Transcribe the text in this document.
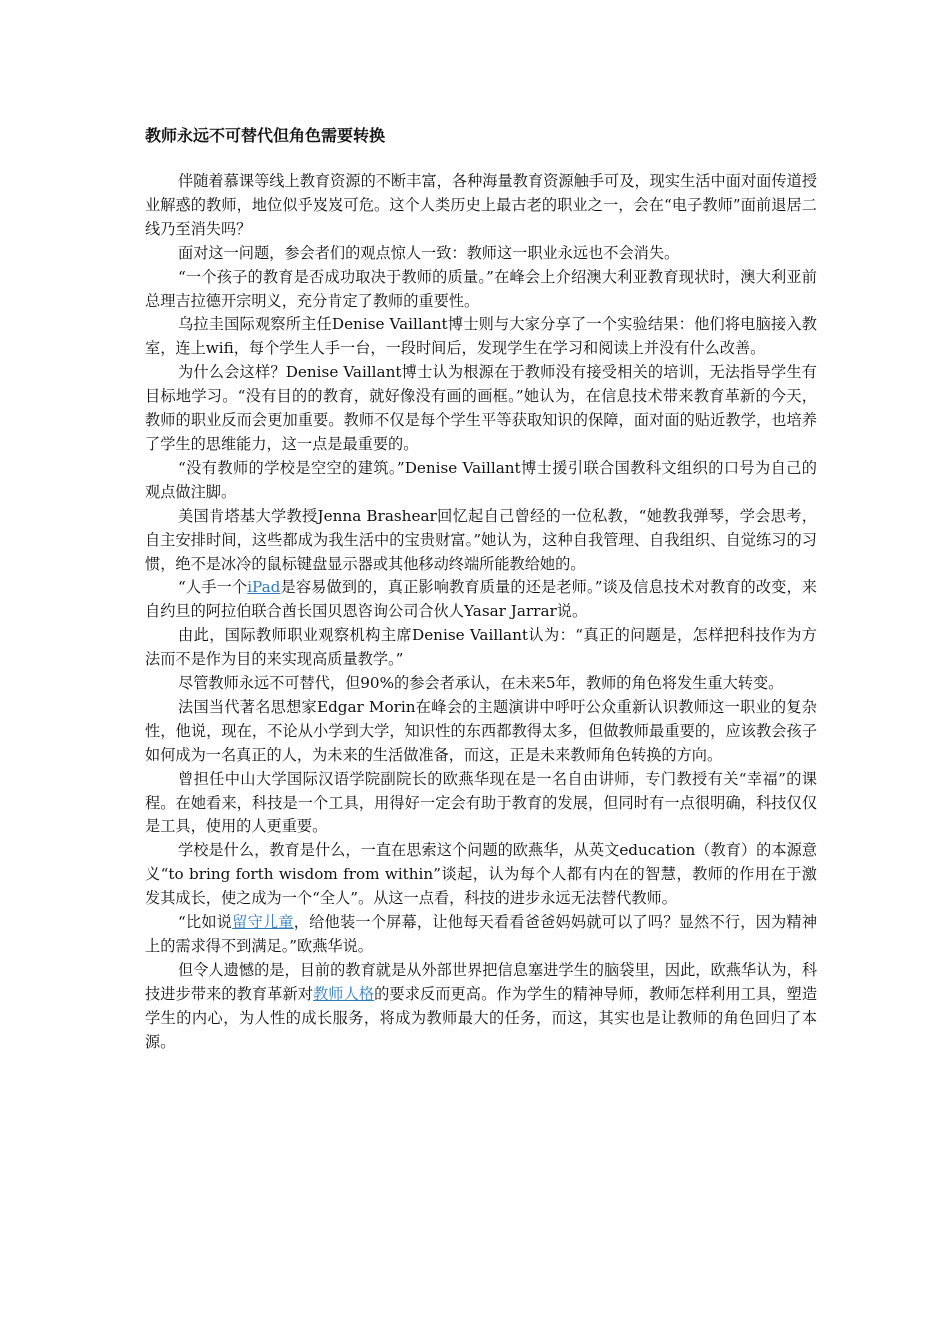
教师永远不可替代但角色需要转换

伴随着慕课等线上教育资源的不断丰富，各种海量教育资源触手可及，现实生活中面对面传道授业解惑的教师，地位似乎岌岌可危。这个人类历史上最古老的职业之一，会在“电子教师”面前退居二线乃至消失吗？

面对这一问题，参会者们的观点惊人一致：教师这一职业永远也不会消失。

“一个孩子的教育是否成功取决于教师的质量。”在峰会上介绍澳大利亚教育现状时，澳大利亚前总理吉拉德开宗明义，充分肯定了教师的重要性。

乌拉圭国际观察所主任Denise Vaillant博士则与大家分享了一个实验结果：他们将电脑接入教室，连上wifi，每个学生人手一台，一段时间后，发现学生在学习和阅读上并没有什么改善。

为什么会这样？Denise Vaillant博士认为根源在于教师没有接受相关的培训，无法指导学生有目标地学习。“没有目的的教育，就好像没有画的画框。”她认为，在信息技术带来教育革新的今天，教师的职业反而会更加重要。教师不仅是每个学生平等获取知识的保障，面对面的贴近教学，也培养了学生的思维能力，这一点是最重要的。

“没有教师的学校是空空的建筑。”Denise Vaillant博士援引联合国教科文组织的口号为自己的观点做注脚。

美国肯塔基大学教授Jenna Brashear回忆起自己曾经的一位私教，“她教我弹琴，学会思考，自主安排时间，这些都成为我生活中的宝贵财富。”她认为，这种自我管理、自我组织、自觉练习的习惯，绝不是冰冷的鼠标键盘显示器或其他移动终端所能教给她的。

“人手一个iPad是容易做到的，真正影响教育质量的还是老师。”谈及信息技术对教育的改变，来自约旦的阿拉伯联合酋长国贝恩咨询公司合伙人Yasar Jarrar说。

由此，国际教师职业观察机构主席Denise Vaillant认为：“真正的问题是，怎样把科技作为方法而不是作为目的来实现高质量教学。”

尽管教师永远不可替代，但90%的参会者承认，在未来5年，教师的角色将发生重大转变。

法国当代著名思想家Edgar Morin在峰会的主题演讲中呼吁公众重新认识教师这一职业的复杂性，他说，现在，不论从小学到大学，知识性的东西都教得太多，但做教师最重要的，应该教会孩子如何成为一名真正的人，为未来的生活做准备，而这，正是未来教师角色转换的方向。

曾担任中山大学国际汉语学院副院长的欧燕华现在是一名自由讲师，专门教授有关“幸福”的课程。在她看来，科技是一个工具，用得好一定会有助于教育的发展，但同时有一点很明确，科技仅仅是工具，使用的人更重要。

学校是什么，教育是什么，一直在思索这个问题的欧燕华，从英文education（教育）的本源意义“to bring forth wisdom from within”谈起，认为每个人都有内在的智慧，教师的作用在于激发其成长，使之成为一个“全人”。从这一点看，科技的进步永远无法替代教师。

“比如说留守儿童，给他装一个屏幕，让他每天看看爸爸妈妈就可以了吗？显然不行，因为精神上的需求得不到满足。”欧燕华说。

但令人遗憾的是，目前的教育就是从外部世界把信息塞进学生的脑袋里，因此，欧燕华认为，科技进步带来的教育革新对教师人格的要求反而更高。作为学生的精神导师，教师怎样利用工具，塑造学生的内心，为人性的成长服务，将成为教师最大的任务，而这，其实也是让教师的角色回归了本源。
